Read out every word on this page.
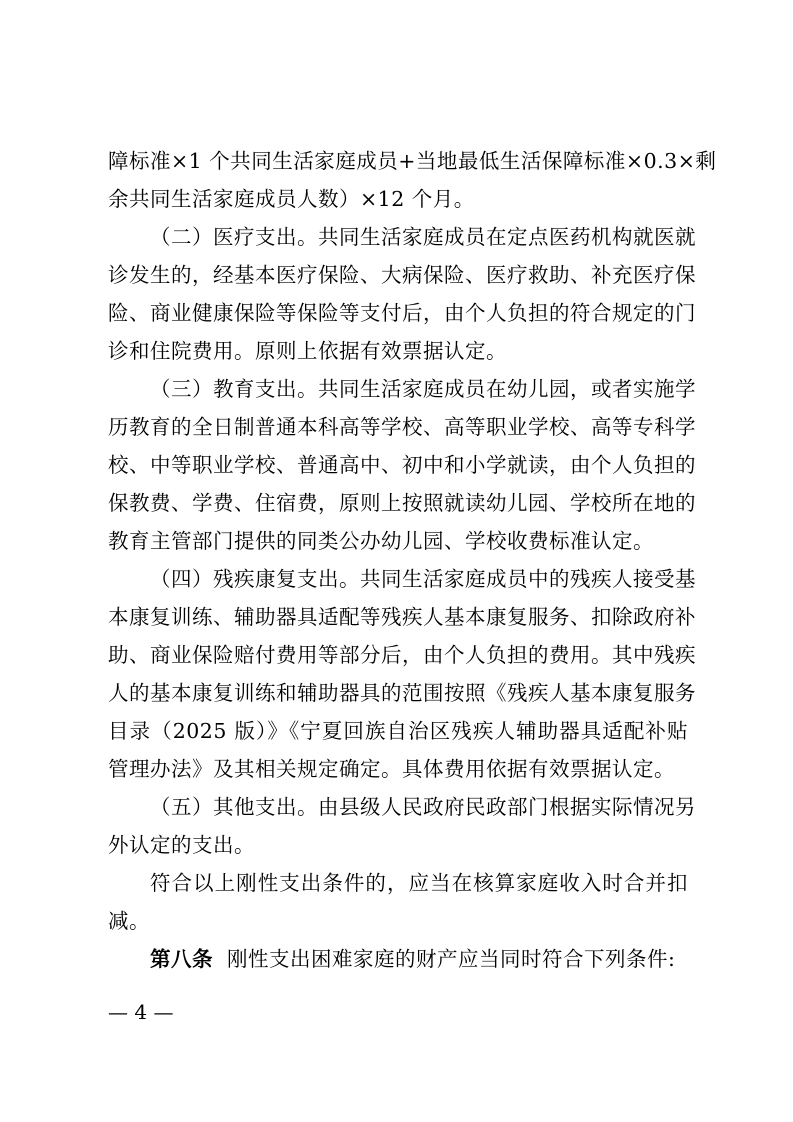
障标准×1 个共同生活家庭成员+当地最低生活保障标准×0.3×剩
余共同生活家庭成员人数）×12 个月。
（二）医疗支出。共同生活家庭成员在定点医药机构就医就
诊发生的，经基本医疗保险、大病保险、医疗救助、补充医疗保
险、商业健康保险等保险等支付后，由个人负担的符合规定的门
诊和住院费用。原则上依据有效票据认定。
（三）教育支出。共同生活家庭成员在幼儿园，或者实施学
历教育的全日制普通本科高等学校、高等职业学校、高等专科学
校、中等职业学校、普通高中、初中和小学就读，由个人负担的
保教费、学费、住宿费，原则上按照就读幼儿园、学校所在地的
教育主管部门提供的同类公办幼儿园、学校收费标准认定。
（四）残疾康复支出。共同生活家庭成员中的残疾人接受基
本康复训练、辅助器具适配等残疾人基本康复服务、扣除政府补
助、商业保险赔付费用等部分后，由个人负担的费用。其中残疾
人的基本康复训练和辅助器具的范围按照《残疾人基本康复服务
目录（2025 版）》《宁夏回族自治区残疾人辅助器具适配补贴
管理办法》及其相关规定确定。具体费用依据有效票据认定。
（五）其他支出。由县级人民政府民政部门根据实际情况另
外认定的支出。
符合以上刚性支出条件的，应当在核算家庭收入时合并扣
减。
第八条 刚性支出困难家庭的财产应当同时符合下列条件:
— 4 —
